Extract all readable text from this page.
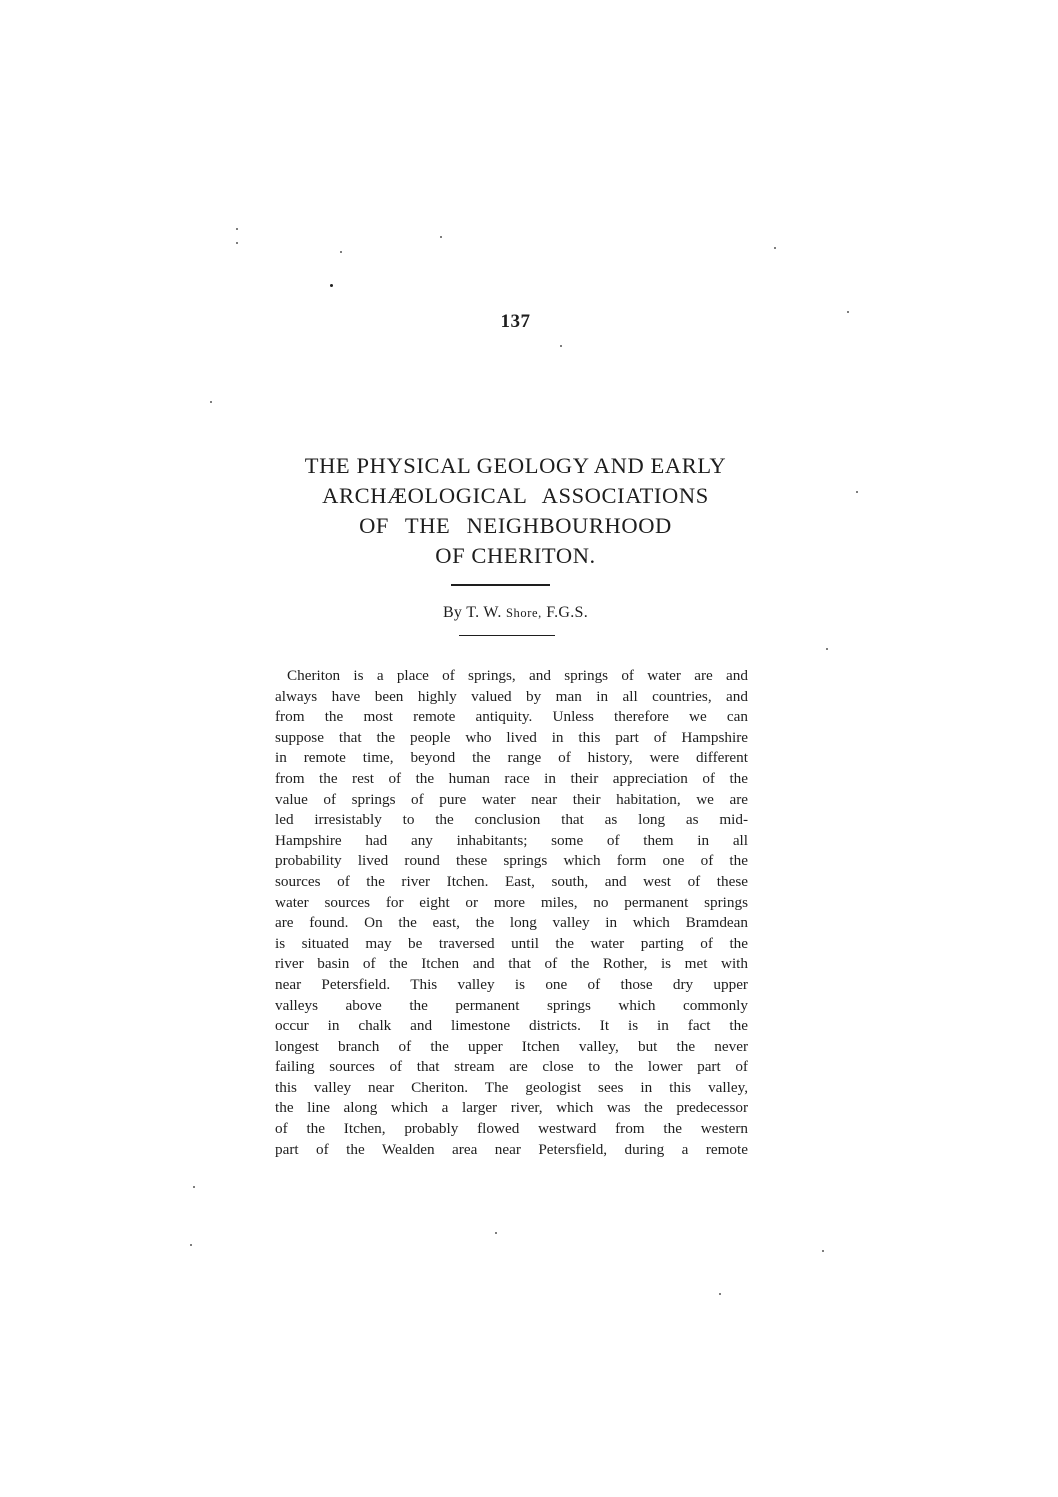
137
THE PHYSICAL GEOLOGY AND EARLY
ARCHÆOLOGICAL ASSOCIATIONS
OF THE NEIGHBOURHOOD
OF CHERITON.
By T. W. Shore, F.G.S.
Cheriton is a place of springs, and springs of water are and
always have been highly valued by man in all countries, and
from the most remote antiquity. Unless therefore we can
suppose that the people who lived in this part of Hampshire
in remote time, beyond the range of history, were different
from the rest of the human race in their appreciation of the
value of springs of pure water near their habitation, we are
led irresistably to the conclusion that as long as mid-
Hampshire had any inhabitants; some of them in all
probability lived round these springs which form one of the
sources of the river Itchen. East, south, and west of these
water sources for eight or more miles, no permanent springs
are found. On the east, the long valley in which Bramdean
is situated may be traversed until the water parting of the
river basin of the Itchen and that of the Rother, is met with
near Petersfield. This valley is one of those dry upper
valleys above the permanent springs which commonly
occur in chalk and limestone districts. It is in fact the
longest branch of the upper Itchen valley, but the never
failing sources of that stream are close to the lower part of
this valley near Cheriton. The geologist sees in this valley,
the line along which a larger river, which was the predecessor
of the Itchen, probably flowed westward from the western
part of the Wealden area near Petersfield, during a remote
